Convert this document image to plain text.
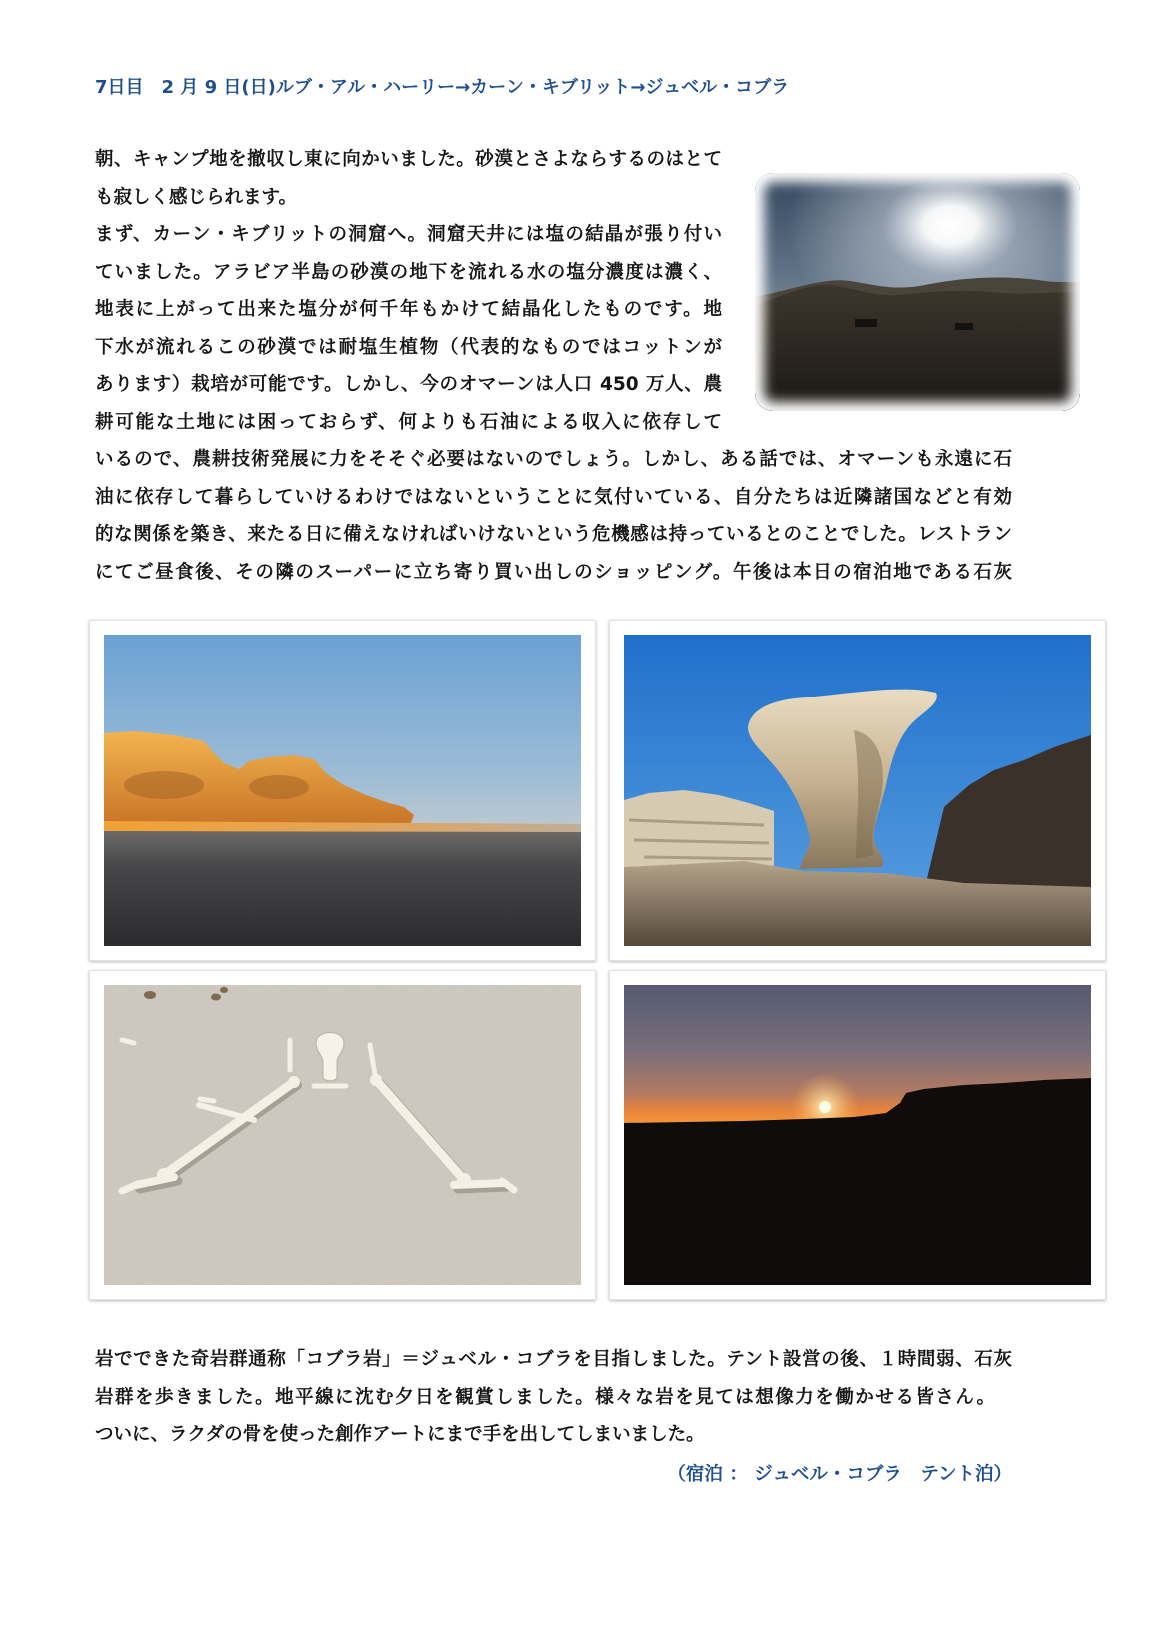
7日目　2 月 9 日(日)ルブ・アル・ハーリー→カーン・キブリット→ジュベル・コブラ
朝、キャンプ地を撤収し東に向かいました。砂漠とさよならするのはとて
も寂しく感じられます。
まず、カーン・キブリットの洞窟へ。洞窟天井には塩の結晶が張り付い
ていました。アラビア半島の砂漠の地下を流れる水の塩分濃度は濃く、
地表に上がって出来た塩分が何千年もかけて結晶化したものです。地
下水が流れるこの砂漠では耐塩生植物（代表的なものではコットンが
あります）栽培が可能です。しかし、今のオマーンは人口 450 万人、農
耕可能な土地には困っておらず、何よりも石油による収入に依存して
いるので、農耕技術発展に力をそそぐ必要はないのでしょう。しかし、ある話では、オマーンも永遠に石
油に依存して暮らしていけるわけではないということに気付いている、自分たちは近隣諸国などと有効
的な関係を築き、来たる日に備えなければいけないという危機感は持っているとのことでした。レストラン
にてご昼食後、その隣のスーパーに立ち寄り買い出しのショッピング。午後は本日の宿泊地である石灰
岩でできた奇岩群通称「コブラ岩」＝ジュベル・コブラを目指しました。テント設営の後、１時間弱、石灰
岩群を歩きました。地平線に沈む夕日を観賞しました。様々な岩を見ては想像力を働かせる皆さん。
ついに、ラクダの骨を使った創作アートにまで手を出してしまいました。
（宿泊 ： ジュベル・コブラ　テント泊）
